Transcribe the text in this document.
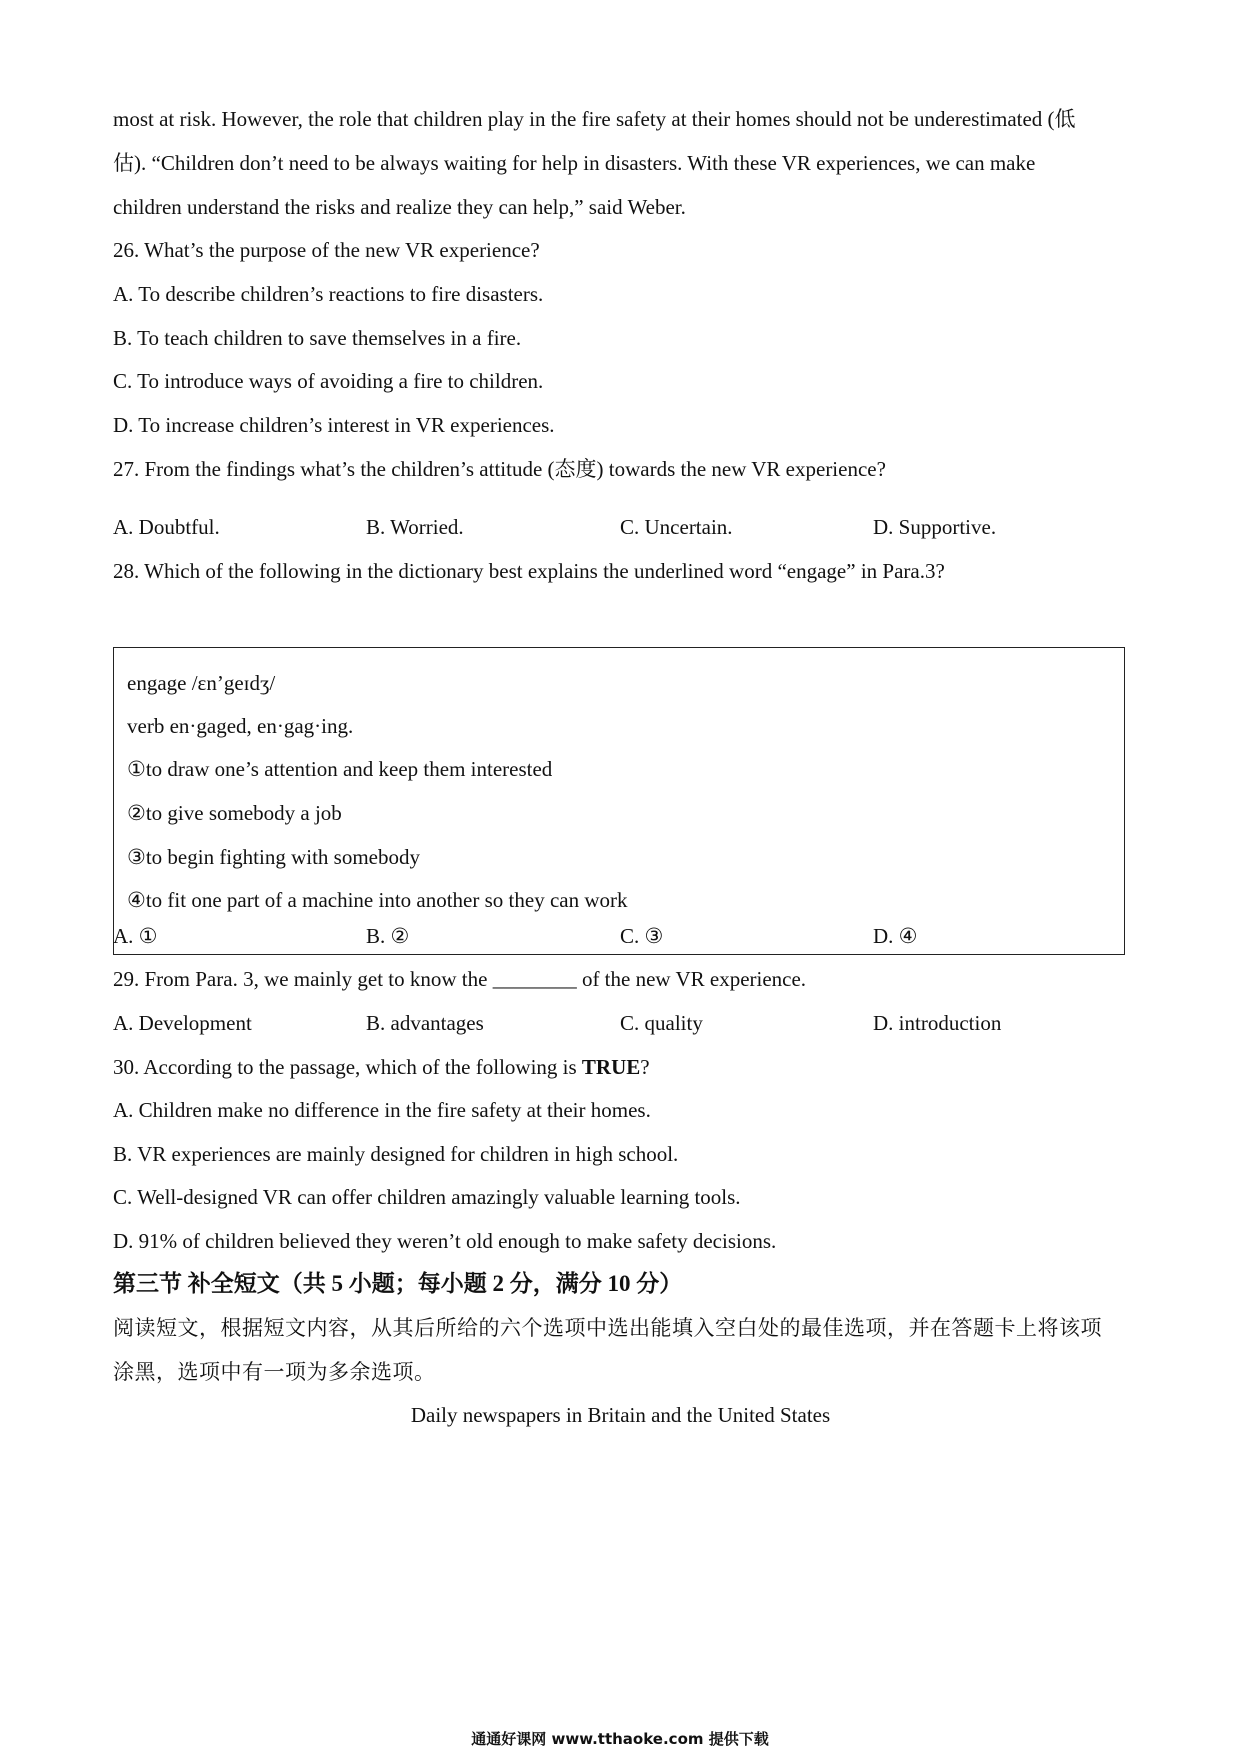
most at risk. However, the role that children play in the fire safety at their homes should not be underestimated (低
估). “Children don’t need to be always waiting for help in disasters. With these VR experiences, we can make
children understand the risks and realize they can help,” said Weber.
26. What’s the purpose of the new VR experience?
A. To describe children’s reactions to fire disasters.
B. To teach children to save themselves in a fire.
C. To introduce ways of avoiding a fire to children.
D. To increase children’s interest in VR experiences.
27. From the findings what’s the children’s attitude (态度) towards the new VR experience?
A. Doubtful.	B. Worried.	C. Uncertain.	D. Supportive.
28. Which of the following in the dictionary best explains the underlined word “engage” in Para.3?
engage /ɛn’geɪdʒ/
verb en·gaged, en·gag·ing.
①to draw one’s attention and keep them interested
②to give somebody a job
③to begin fighting with somebody
④to fit one part of a machine into another so they can work
A. ①	B. ②	C. ③	D. ④
29. From Para. 3, we mainly get to know the ________ of the new VR experience.
A. Development	B. advantages	C. quality	D. introduction
30. According to the passage, which of the following is TRUE?
A. Children make no difference in the fire safety at their homes.
B. VR experiences are mainly designed for children in high school.
C. Well-designed VR can offer children amazingly valuable learning tools.
D. 91% of children believed they weren’t old enough to make safety decisions.
第三节 补全短文（共 5 小题；每小题 2 分，满分 10 分）
阅读短文，根据短文内容，从其后所给的六个选项中选出能填入空白处的最佳选项，并在答题卡上将该项
涂黑，选项中有一项为多余选项。
Daily newspapers in Britain and the United States
通通好课网 www.tthaoke.com 提供下载
